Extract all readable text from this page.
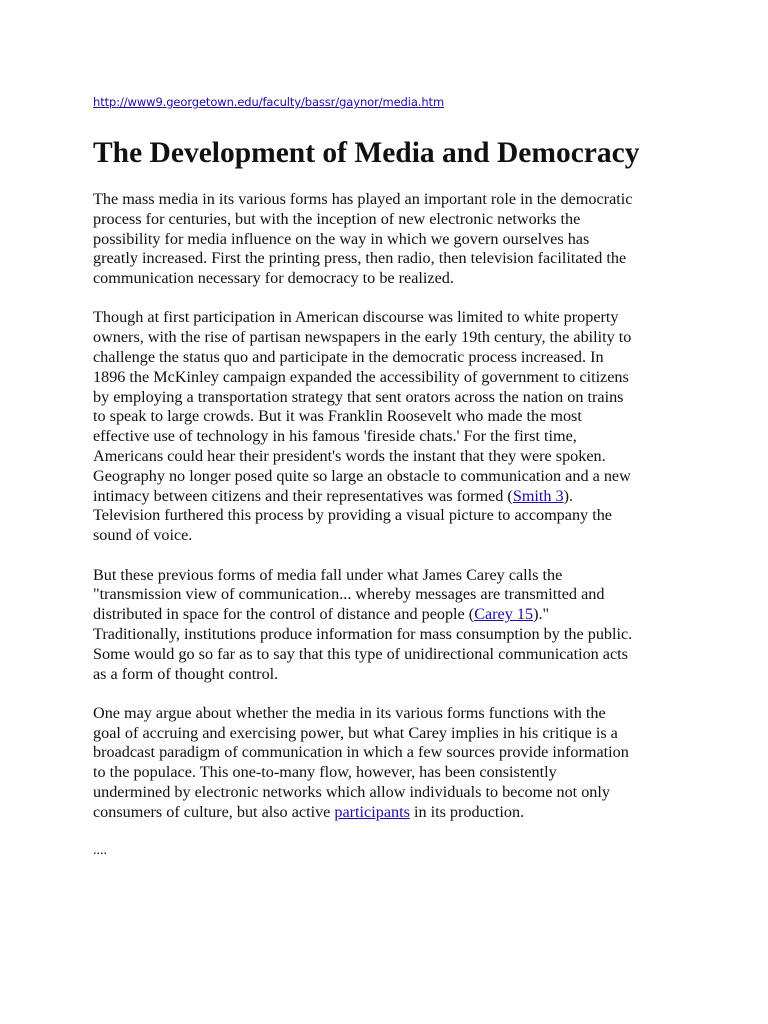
http://www9.georgetown.edu/faculty/bassr/gaynor/media.htm
The Development of Media and Democracy

The mass media in its various forms has played an important role in the democratic
process for centuries, but with the inception of new electronic networks the
possibility for media influence on the way in which we govern ourselves has
greatly increased. First the printing press, then radio, then television facilitated the
communication necessary for democracy to be realized.

Though at first participation in American discourse was limited to white property
owners, with the rise of partisan newspapers in the early 19th century, the ability to
challenge the status quo and participate in the democratic process increased. In
1896 the McKinley campaign expanded the accessibility of government to citizens
by employing a transportation strategy that sent orators across the nation on trains
to speak to large crowds. But it was Franklin Roosevelt who made the most
effective use of technology in his famous 'fireside chats.' For the first time,
Americans could hear their president's words the instant that they were spoken.
Geography no longer posed quite so large an obstacle to communication and a new
intimacy between citizens and their representatives was formed (Smith 3).
Television furthered this process by providing a visual picture to accompany the
sound of voice.

But these previous forms of media fall under what James Carey calls the
"transmission view of communication... whereby messages are transmitted and
distributed in space for the control of distance and people (Carey 15)."
Traditionally, institutions produce information for mass consumption by the public.
Some would go so far as to say that this type of unidirectional communication acts
as a form of thought control.

One may argue about whether the media in its various forms functions with the
goal of accruing and exercising power, but what Carey implies in his critique is a
broadcast paradigm of communication in which a few sources provide information
to the populace. This one-to-many flow, however, has been consistently
undermined by electronic networks which allow individuals to become not only
consumers of culture, but also active participants in its production.

....
